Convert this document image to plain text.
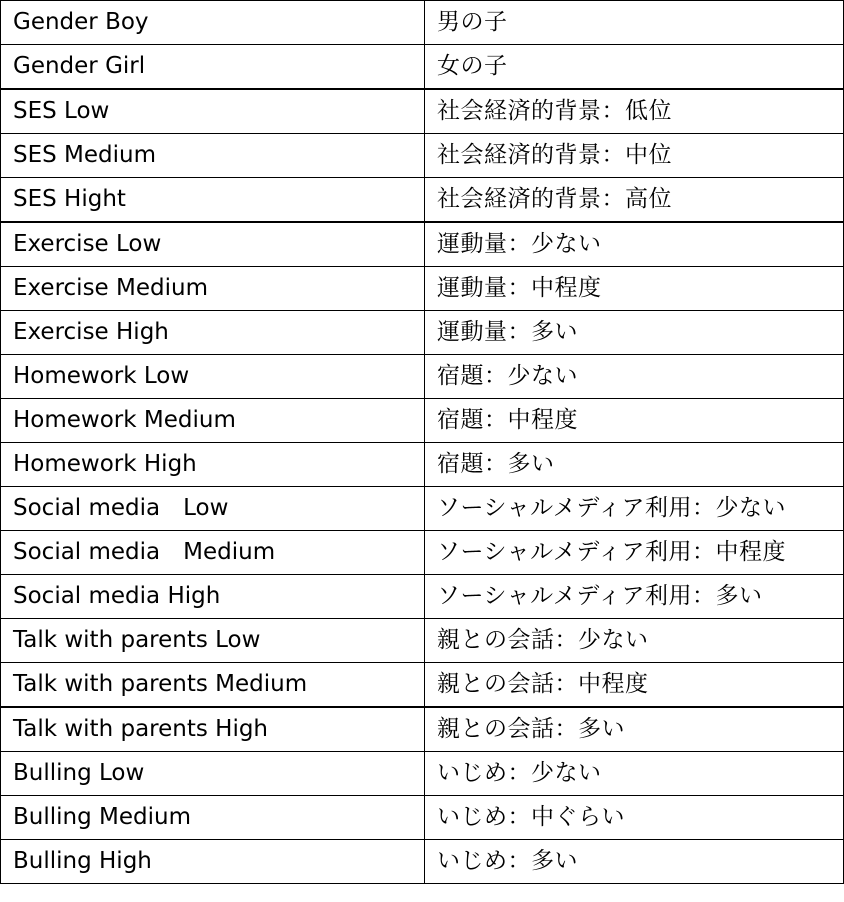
Gender Boy	男の子
Gender Girl	女の子
SES Low	社会経済的背景：低位
SES Medium	社会経済的背景：中位
SES Hight	社会経済的背景：高位
Exercise Low	運動量：少ない
Exercise Medium	運動量：中程度
Exercise High	運動量：多い
Homework Low	宿題：少ない
Homework Medium	宿題：中程度
Homework High	宿題：多い
Social media　Low	ソーシャルメディア利用：少ない
Social media　Medium	ソーシャルメディア利用：中程度
Social media High	ソーシャルメディア利用：多い
Talk with parents Low	親との会話：少ない
Talk with parents Medium	親との会話：中程度
Talk with parents High	親との会話：多い
Bulling Low	いじめ：少ない
Bulling Medium	いじめ：中ぐらい
Bulling High	いじめ：多い
